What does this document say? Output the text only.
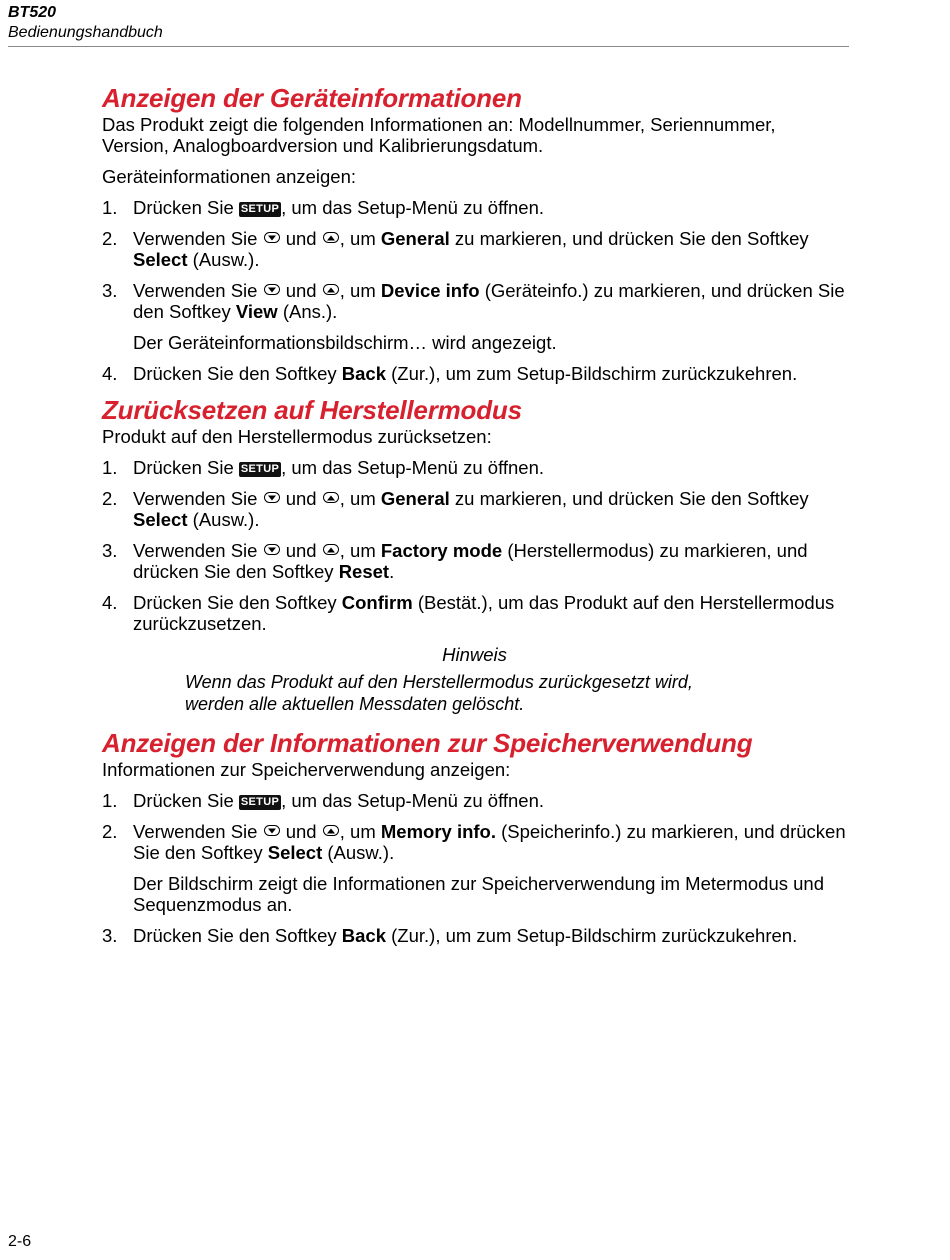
BT520
Bedienungshandbuch
Anzeigen der Geräteinformationen

Das Produkt zeigt die folgenden Informationen an: Modellnummer, Seriennummer, Version, Analogboardversion und Kalibrierungsdatum.

Geräteinformationen anzeigen:

1. Drücken Sie SETUP , um das Setup-Menü zu öffnen.
2. Verwenden Sie und , um General zu markieren, und drücken Sie den Softkey Select (Ausw.).
3. Verwenden Sie und , um Device info (Geräteinfo.) zu markieren, und drücken Sie den Softkey View (Ans.).

Der Geräteinformationsbildschirm… wird angezeigt.

4. Drücken Sie den Softkey Back (Zur.), um zum Setup-Bildschirm zurückzukehren.
Zurücksetzen auf Herstellermodus

Produkt auf den Herstellermodus zurücksetzen:

1. Drücken Sie SETUP , um das Setup-Menü zu öffnen.
2. Verwenden Sie und , um General zu markieren, und drücken Sie den Softkey Select (Ausw.).
3. Verwenden Sie und , um Factory mode (Herstellermodus) zu markieren, und drücken Sie den Softkey Reset.
4. Drücken Sie den Softkey Confirm (Bestät.), um das Produkt auf den Herstellermodus zurückzusetzen.
Hinweis
Wenn das Produkt auf den Herstellermodus zurückgesetzt wird, werden alle aktuellen Messdaten gelöscht.
Anzeigen der Informationen zur Speicherverwendung

Informationen zur Speicherverwendung anzeigen:

1. Drücken Sie SETUP , um das Setup-Menü zu öffnen.
2. Verwenden Sie und , um Memory info. (Speicherinfo.) zu markieren, und drücken Sie den Softkey Select (Ausw.).

Der Bildschirm zeigt die Informationen zur Speicherverwendung im Metermodus und Sequenzmodus an.

3. Drücken Sie den Softkey Back (Zur.), um zum Setup-Bildschirm zurückzukehren.
2-6
